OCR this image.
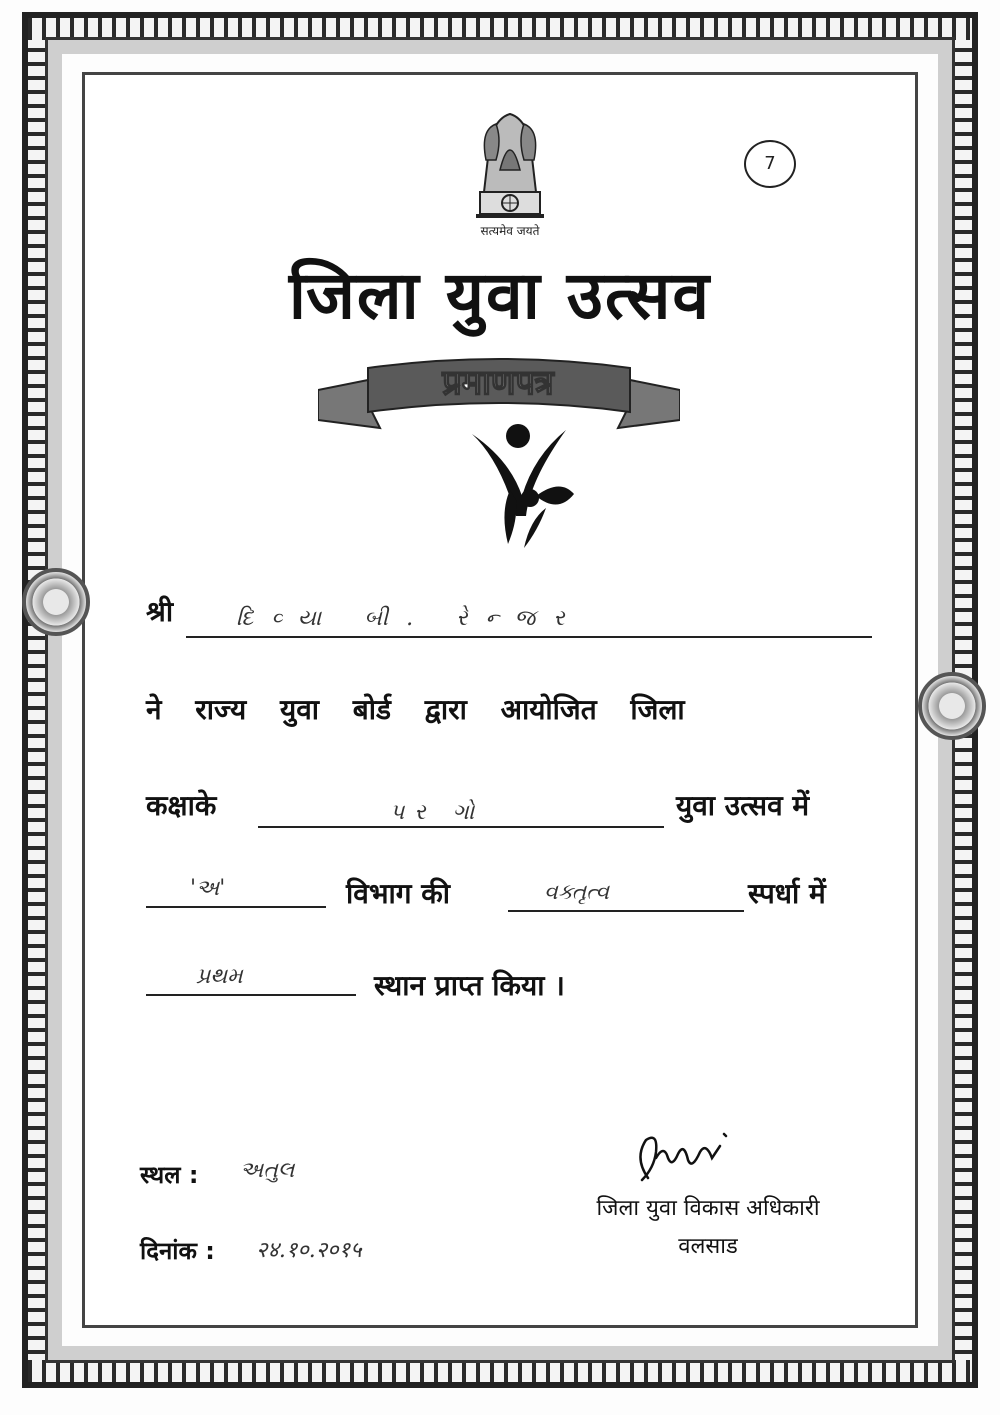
सत्यमेव जयते
7
जिला युवा उत्सव
प्रमाणपत्र
श्री	દિવ્યા બી. રેન્જર
ने राज्य युवा बोर्ड द्वारा आयोजित जिला
कक्षाके	પર ગો	युवा उत्सव में
'અ'	विभाग की	વક્તૃત્વ	स्पर्धा में
પ્રથમ	स्थान प्राप्त किया ।
स्थल : અતુલ
दिनांक : २४.१०.२०१५
जिला युवा विकास अधिकारी
वलसाड
